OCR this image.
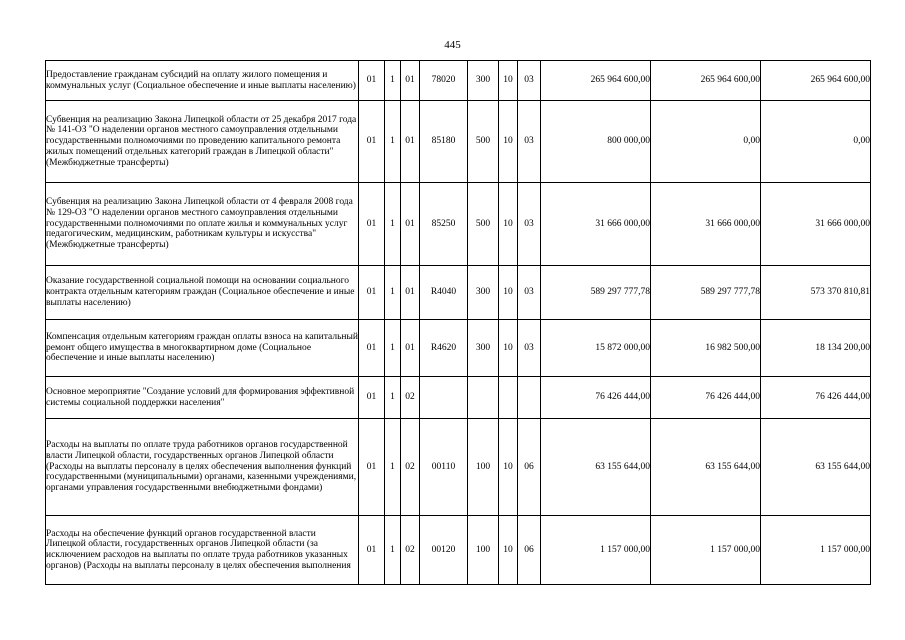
445
Предоставление гражданам субсидий на оплату жилого помещения и коммунальных услуг (Социальное обеспечение и иные выплаты населению)	01	1	01	78020	300	10	03	265 964 600,00	265 964 600,00	265 964 600,00
Субвенция на реализацию Закона Липецкой области от 25 декабря 2017 года № 141-ОЗ "О наделении органов местного самоуправления отдельными государственными полномочиями по проведению капитального ремонта жилых помещений отдельных категорий граждан в Липецкой области" (Межбюджетные трансферты)	01	1	01	85180	500	10	03	800 000,00	0,00	0,00
Субвенция на реализацию Закона Липецкой области от 4 февраля 2008 года № 129-ОЗ "О наделении органов местного самоуправления отдельными государственными полномочиями по оплате жилья и коммунальных услуг педагогическим, медицинским, работникам культуры и искусства" (Межбюджетные трансферты)	01	1	01	85250	500	10	03	31 666 000,00	31 666 000,00	31 666 000,00
Оказание государственной социальной помощи на основании социального контракта отдельным категориям граждан (Социальное обеспечение и иные выплаты населению)	01	1	01	R4040	300	10	03	589 297 777,78	589 297 777,78	573 370 810,81
Компенсация отдельным категориям граждан оплаты взноса на капитальный ремонт общего имущества в многоквартирном доме (Социальное обеспечение и иные выплаты населению)	01	1	01	R4620	300	10	03	15 872 000,00	16 982 500,00	18 134 200,00
Основное мероприятие "Создание условий для формирования эффективной системы социальной поддержки населения"	01	1	02					76 426 444,00	76 426 444,00	76 426 444,00
Расходы на выплаты по оплате труда работников органов государственной власти Липецкой области, государственных органов Липецкой области (Расходы на выплаты персоналу в целях обеспечения выполнения функций государственными (муниципальными) органами, казенными учреждениями, органами управления государственными внебюджетными фондами)	01	1	02	00110	100	10	06	63 155 644,00	63 155 644,00	63 155 644,00
Расходы на обеспечение функций органов государственной власти Липецкой области, государственных органов Липецкой области (за исключением расходов на выплаты по оплате труда работников указанных органов) (Расходы на выплаты персоналу в целях обеспечения выполнения	01	1	02	00120	100	10	06	1 157 000,00	1 157 000,00	1 157 000,00
